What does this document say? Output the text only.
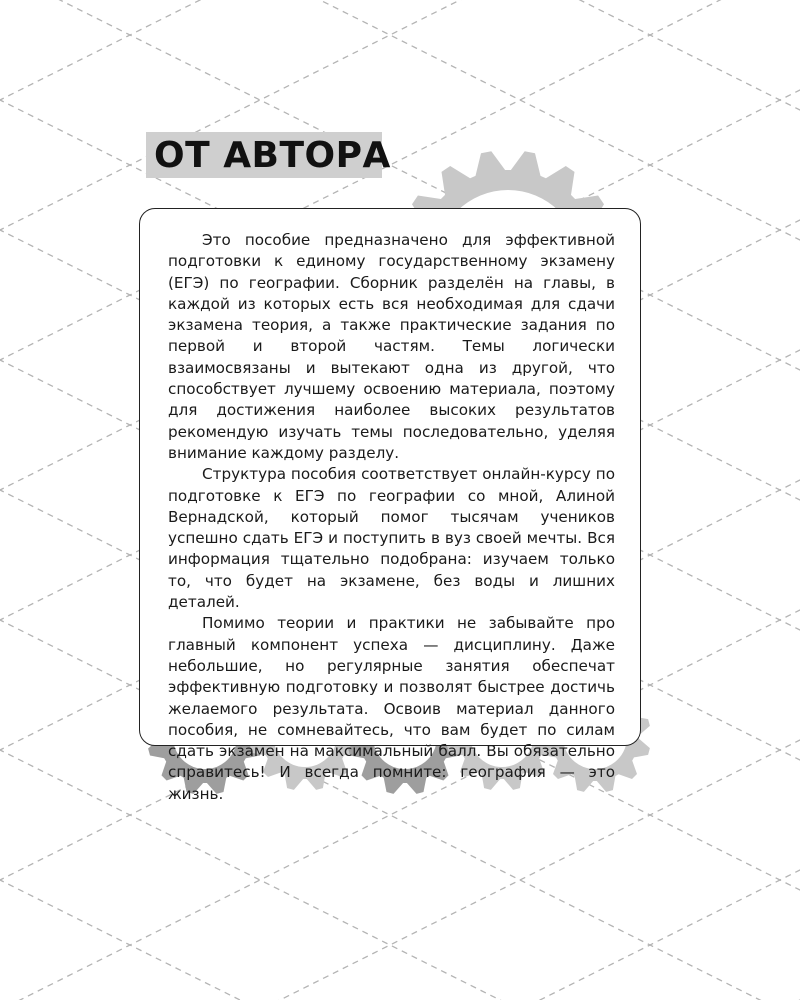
ОТ АВТОРА

Это пособие предназначено для эффективной подготовки к единому государственному экзамену (ЕГЭ) по географии. Сборник разделён на главы, в каждой из которых есть вся необходимая для сдачи экзамена теория, а также практические задания по первой и второй частям. Темы логически взаимосвязаны и вытекают одна из другой, что способствует лучшему освоению материала, поэтому для достижения наиболее высоких результатов рекомендую изучать темы последовательно, уделяя внимание каждому разделу.

Структура пособия соответствует онлайн-курсу по подготовке к ЕГЭ по географии со мной, Алиной Вернадской, который помог тысячам учеников успешно сдать ЕГЭ и поступить в вуз своей мечты. Вся информация тщательно подобрана: изучаем только то, что будет на экзамене, без воды и лишних деталей.

Помимо теории и практики не забывайте про главный компонент успеха — дисциплину. Даже небольшие, но регулярные занятия обеспечат эффективную подготовку и позволят быстрее достичь желаемого результата. Освоив материал данного пособия, не сомневайтесь, что вам будет по силам сдать экзамен на максимальный балл. Вы обязательно справитесь! И всегда помните: география — это жизнь.
